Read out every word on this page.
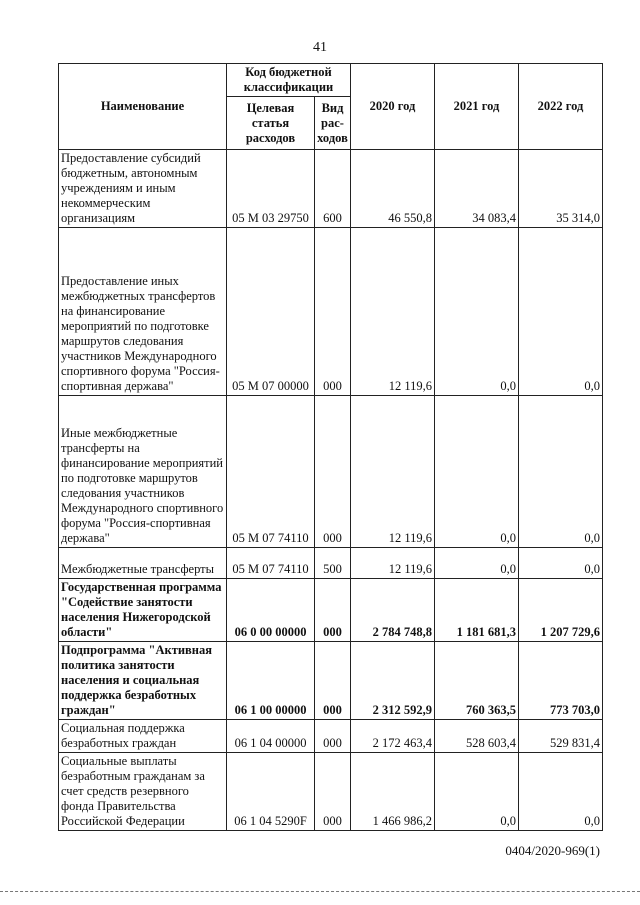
41
Наименование	Код бюджетной классификации		2020 год	2021 год	2022 год
	Целевая статья расходов	Вид рас-ходов			
Предоставление субсидий бюджетным, автономным учреждениям и иным некоммерческим организациям	05 М 03 29750	600	46 550,8	34 083,4	35 314,0
Предоставление иных межбюджетных трансфертов на финансирование мероприятий по подготовке маршрутов следования участников Международного спортивного форума "Россия-спортивная держава"	05 М 07 00000	000	12 119,6	0,0	0,0
Иные межбюджетные трансферты на финансирование мероприятий по подготовке маршрутов следования участников Международного спортивного форума "Россия-спортивная держава"	05 М 07 74110	000	12 119,6	0,0	0,0
Межбюджетные трансферты	05 М 07 74110	500	12 119,6	0,0	0,0
Государственная программа "Содействие занятости населения Нижегородской области"	06 0 00 00000	000	2 784 748,8	1 181 681,3	1 207 729,6
Подпрограмма "Активная политика занятости населения и социальная поддержка безработных граждан"	06 1 00 00000	000	2 312 592,9	760 363,5	773 703,0
Социальная поддержка безработных граждан	06 1 04 00000	000	2 172 463,4	528 603,4	529 831,4
Социальные выплаты безработным гражданам за счет средств резервного фонда Правительства Российской Федерации	06 1 04 5290F	000	1 466 986,2	0,0	0,0
0404/2020-969(1)
